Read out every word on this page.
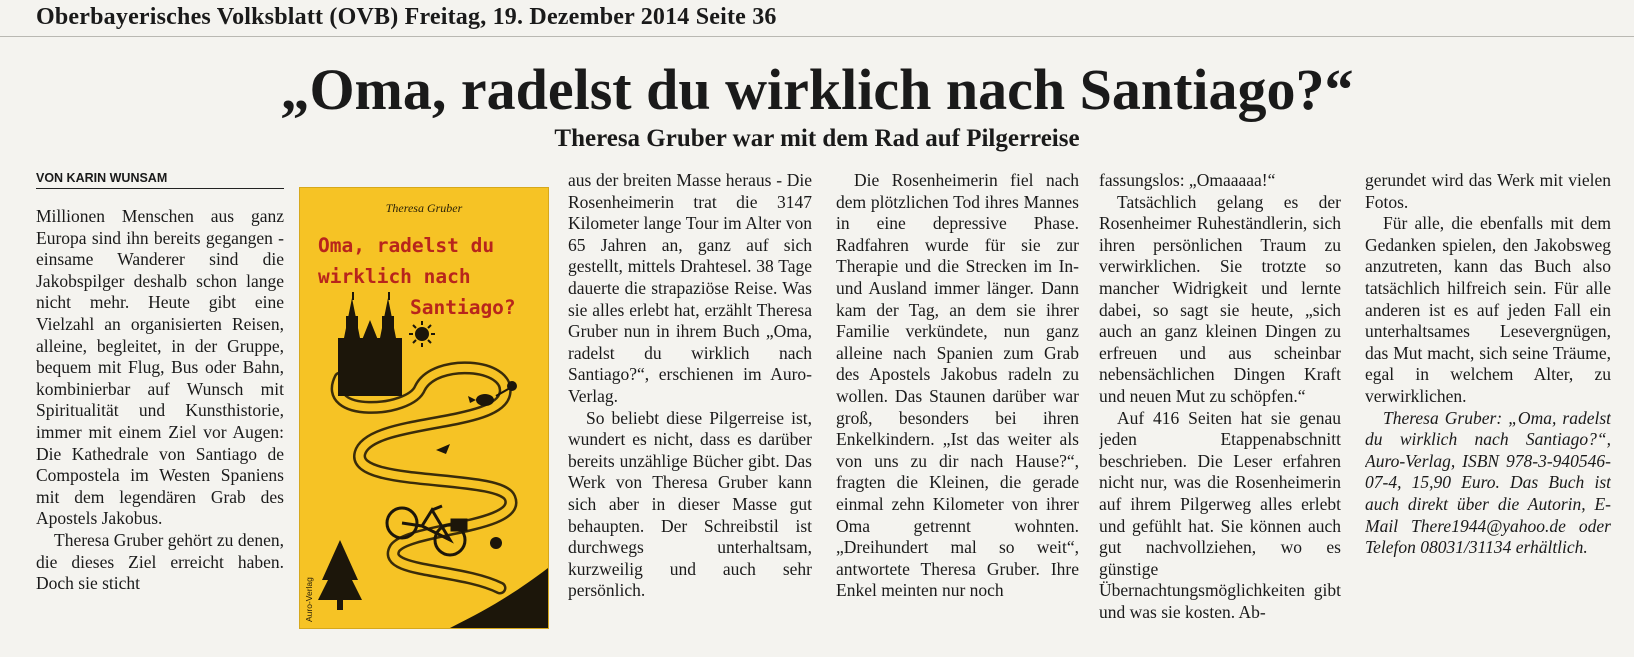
Oberbayerisches Volksblatt (OVB) Freitag, 19. Dezember 2014 Seite 36
„Oma, radelst du wirklich nach Santiago?“
Theresa Gruber war mit dem Rad auf Pilgerreise
VON KARIN WUNSAM

Millionen Menschen aus ganz Europa sind ihn bereits gegangen - einsame Wanderer sind die Jakobspilger deshalb schon lange nicht mehr. Heute gibt eine Vielzahl an organisierten Reisen, alleine, begleitet, in der Gruppe, bequem mit Flug, Bus oder Bahn, kombinierbar auf Wunsch mit Spiritualität und Kunsthistorie, immer mit einem Ziel vor Augen: Die Kathedrale von Santiago de Compostela im Westen Spaniens mit dem legendären Grab des Apostels Jakobus.

Theresa Gruber gehört zu denen, die dieses Ziel erreicht haben. Doch sie sticht

Theresa Gruber
Oma, radelst du
wirklich nach
Santiago?
Auro-Verlag

aus der breiten Masse heraus - Die Rosenheimerin trat die 3147 Kilometer lange Tour im Alter von 65 Jahren an, ganz auf sich gestellt, mittels Drahtesel. 38 Tage dauerte die strapaziöse Reise. Was sie alles erlebt hat, erzählt Theresa Gruber nun in ihrem Buch „Oma, radelst du wirklich nach Santiago?“, erschienen im Auro-Verlag.

So beliebt diese Pilgerreise ist, wundert es nicht, dass es darüber bereits unzählige Bücher gibt. Das Werk von Theresa Gruber kann sich aber in dieser Masse gut behaupten. Der Schreibstil ist durchwegs unterhaltsam, kurzweilig und auch sehr persönlich.

Die Rosenheimerin fiel nach dem plötzlichen Tod ihres Mannes in eine depressive Phase. Radfahren wurde für sie zur Therapie und die Strecken im In- und Ausland immer länger. Dann kam der Tag, an dem sie ihrer Familie verkündete, nun ganz alleine nach Spanien zum Grab des Apostels Jakobus radeln zu wollen. Das Staunen darüber war groß, besonders bei ihren Enkelkindern. „Ist das weiter als von uns zu dir nach Hause?“, fragten die Kleinen, die gerade einmal zehn Kilometer von ihrer Oma getrennt wohnten. „Dreihundert mal so weit“, antwortete Theresa Gruber. Ihre Enkel meinten nur noch

fassungslos: „Omaaaaa!“

Tatsächlich gelang es der Rosenheimer Ruheständlerin, sich ihren persönlichen Traum zu verwirklichen. Sie trotzte so mancher Widrigkeit und lernte dabei, so sagt sie heute, „sich auch an ganz kleinen Dingen zu erfreuen und aus scheinbar nebensächlichen Dingen Kraft und neuen Mut zu schöpfen.“

Auf 416 Seiten hat sie genau jeden Etappenabschnitt beschrieben. Die Leser erfahren nicht nur, was die Rosenheimerin auf ihrem Pilgerweg alles erlebt und gefühlt hat. Sie können auch gut nachvollziehen, wo es günstige Übernachtungsmöglichkeiten gibt und was sie kosten. Ab-

gerundet wird das Werk mit vielen Fotos.

Für alle, die ebenfalls mit dem Gedanken spielen, den Jakobsweg anzutreten, kann das Buch also tatsächlich hilfreich sein. Für alle anderen ist es auf jeden Fall ein unterhaltsames Lesevergnügen, das Mut macht, sich seine Träume, egal in welchem Alter, zu verwirklichen.

Theresa Gruber: „Oma, radelst du wirklich nach Santiago?“, Auro-Verlag, ISBN 978-3-940546-07-4, 15,90 Euro. Das Buch ist auch direkt über die Autorin, E-Mail There1944@yahoo.de oder Telefon 08031/31134 erhältlich.
